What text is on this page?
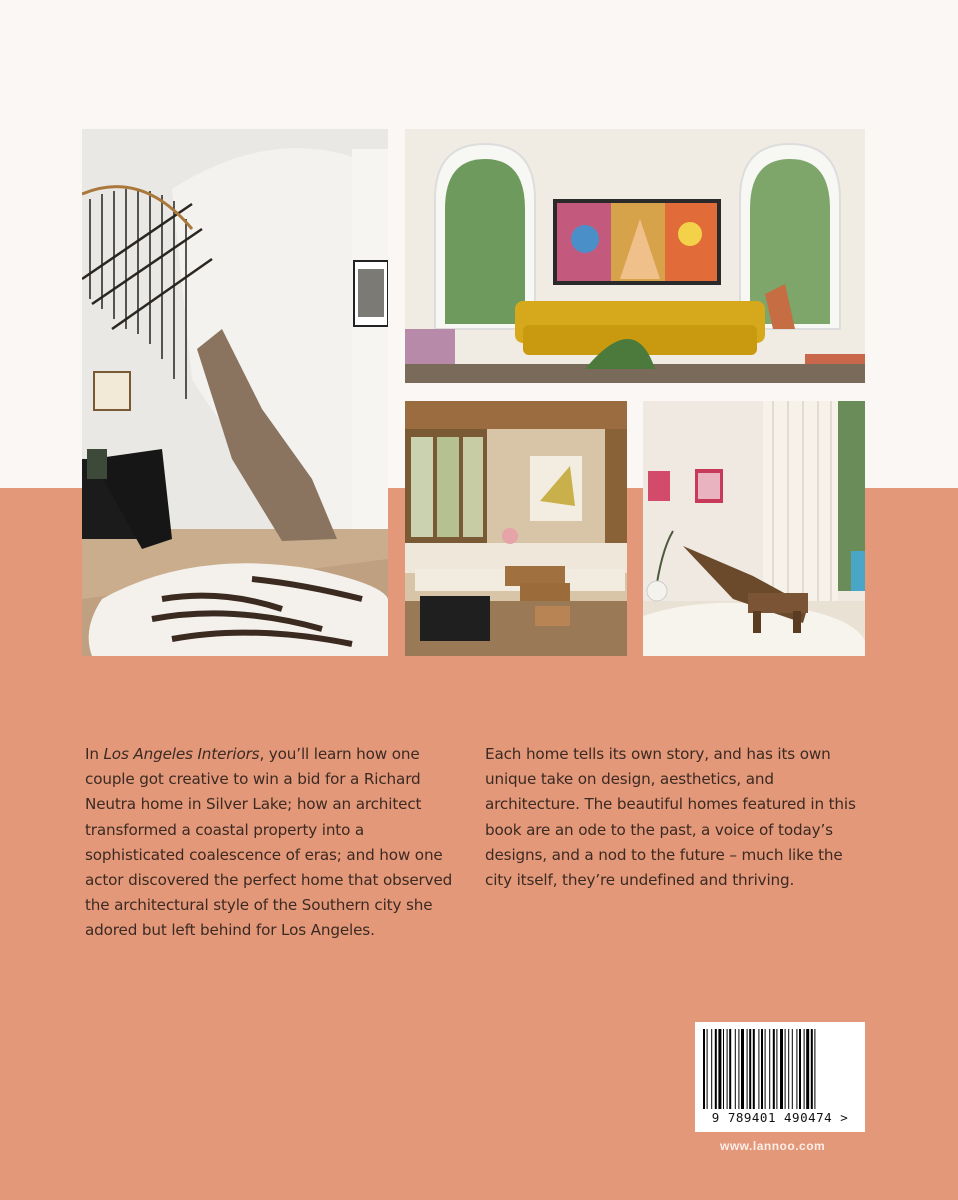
In Los Angeles Interiors, you’ll learn how one
couple got creative to win a bid for a Richard
Neutra home in Silver Lake; how an architect
transformed a coastal property into a
sophisticated coalescence of eras; and how one
actor discovered the perfect home that observed
the architectural style of the Southern city she
adored but left behind for Los Angeles.
Each home tells its own story, and has its own
unique take on design, aesthetics, and
architecture. The beautiful homes featured in this
book are an ode to the past, a voice of today’s
designs, and a nod to the future – much like the
city itself, they’re undefined and thriving.
9 789401 490474 >
www.lannoo.com
